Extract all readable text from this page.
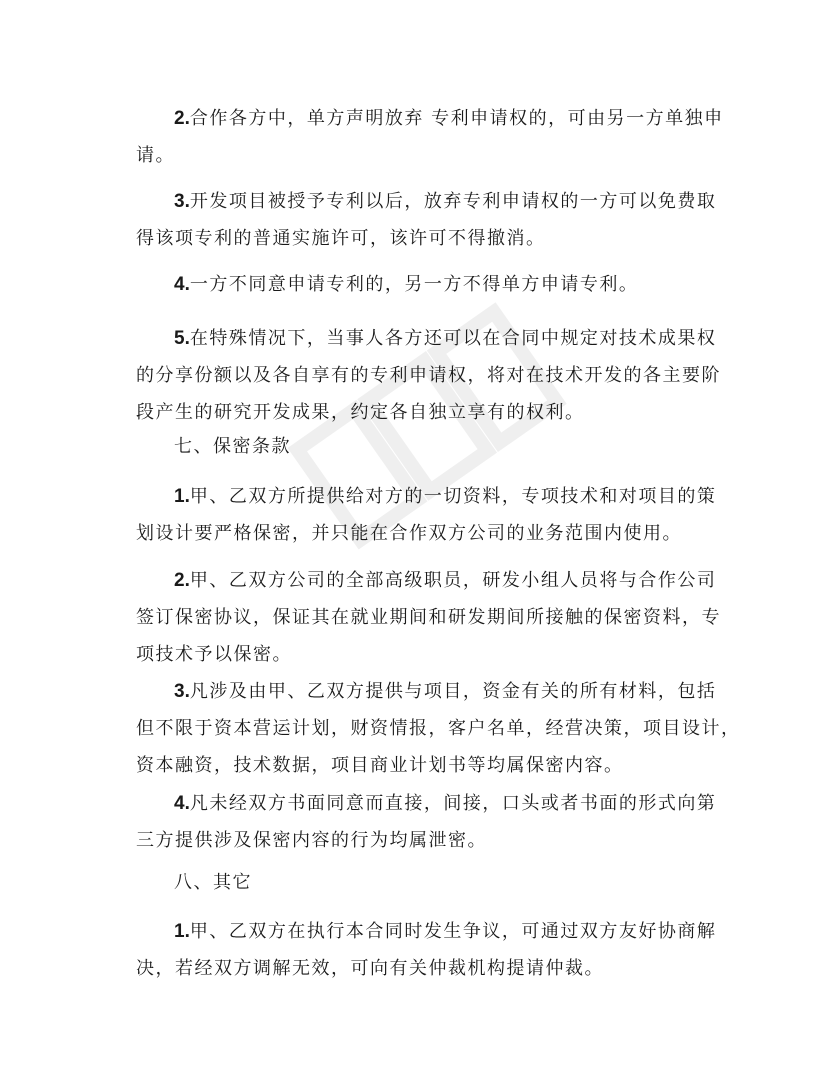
2.合作各方中，单方声明放弃 专利申请权的，可由另一方单独申
请。

3.开发项目被授予专利以后，放弃专利申请权的一方可以免费取
得该项专利的普通实施许可，该许可不得撤消。

4.一方不同意申请专利的，另一方不得单方申请专利。

5.在特殊情况下，当事人各方还可以在合同中规定对技术成果权
的分享份额以及各自享有的专利申请权，将对在技术开发的各主要阶
段产生的研究开发成果，约定各自独立享有的权利。

七、保密条款

1.甲、乙双方所提供给对方的一切资料，专项技术和对项目的策
划设计要严格保密，并只能在合作双方公司的业务范围内使用。

2.甲、乙双方公司的全部高级职员，研发小组人员将与合作公司
签订保密协议，保证其在就业期间和研发期间所接触的保密资料，专
项技术予以保密。

3.凡涉及由甲、乙双方提供与项目，资金有关的所有材料，包括
但不限于资本营运计划，财资情报，客户名单，经营决策，项目设计，
资本融资，技术数据，项目商业计划书等均属保密内容。

4.凡未经双方书面同意而直接，间接，口头或者书面的形式向第
三方提供涉及保密内容的行为均属泄密。

八、其它

1.甲、乙双方在执行本合同时发生争议，可通过双方友好协商解
决，若经双方调解无效，可向有关仲裁机构提请仲裁。
